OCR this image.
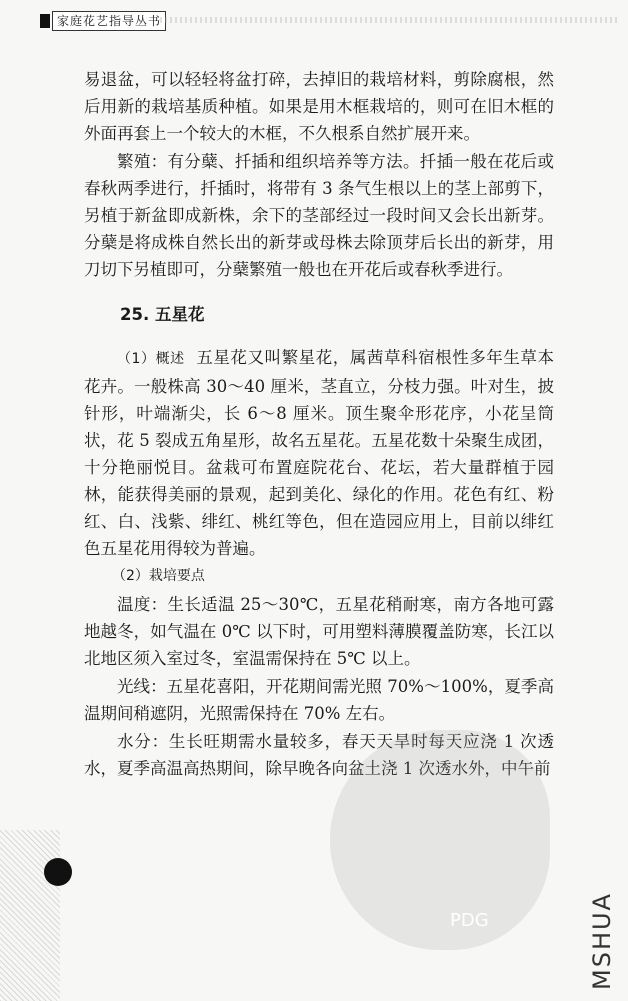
家庭花艺指导丛书

易退盆，可以轻轻将盆打碎，去掉旧的栽培材料，剪除腐根，然后用新的栽培基质种植。如果是用木框栽培的，则可在旧木框的外面再套上一个较大的木框，不久根系自然扩展开来。

繁殖：有分蘖、扦插和组织培养等方法。扦插一般在花后或春秋两季进行，扦插时，将带有 3 条气生根以上的茎上部剪下，另植于新盆即成新株，余下的茎部经过一段时间又会长出新芽。分蘖是将成株自然长出的新芽或母株去除顶芽后长出的新芽，用刀切下另植即可，分蘖繁殖一般也在开花后或春秋季进行。

25. 五星花

（1）概述 五星花又叫繁星花，属茜草科宿根性多年生草本花卉。一般株高 30～40 厘米，茎直立，分枝力强。叶对生，披针形，叶端渐尖，长 6～8 厘米。顶生聚伞形花序，小花呈筒状，花 5 裂成五角星形，故名五星花。五星花数十朵聚生成团，十分艳丽悦目。盆栽可布置庭院花台、花坛，若大量群植于园林，能获得美丽的景观，起到美化、绿化的作用。花色有红、粉红、白、浅紫、绯红、桃红等色，但在造园应用上，目前以绯红色五星花用得较为普遍。

（2）栽培要点

温度：生长适温 25～30℃，五星花稍耐寒，南方各地可露地越冬，如气温在 0℃ 以下时，可用塑料薄膜覆盖防寒，长江以北地区须入室过冬，室温需保持在 5℃ 以上。

光线：五星花喜阳，开花期间需光照 70%～100%，夏季高温期间稍遮阴，光照需保持在 70% 左右。

水分：生长旺期需水量较多，春天天旱时每天应浇 1 次透水，夏季高温高热期间，除早晚各向盆土浇 1 次透水外，中午前

PDG	MSHUA
